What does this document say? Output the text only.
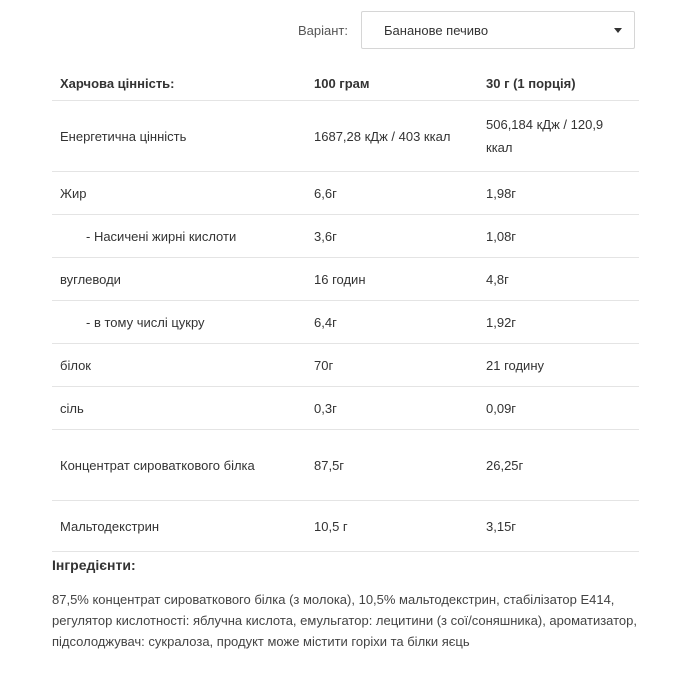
Варіант:	Бананове печиво
Харчова цінність:	100 грам	30 г (1 порція)
Енергетична цінність	1687,28 кДж / 403 ккал	506,184 кДж / 120,9 ккал

Жир	6,6г	1,98г
- Насичені жирні кислоти	3,6г	1,08г
вуглеводи	16 годин	4,8г
- в тому числі цукру	6,4г	1,92г
білок	70г	21 годину
сіль	0,3г	0,09г

Концентрат сироваткового білка	87,5г	26,25г
Мальтодекстрин	10,5 г	3,15г
Інгредієнти:
87,5% концентрат сироваткового білка (з молока), 10,5% мальтодекстрин, стабілізатор Е414, регулятор кислотності: яблучна кислота, емульгатор: лецитини (з сої/соняшника), ароматизатор, підсолоджувач: сукралоза, продукт може містити горіхи та білки яєць
